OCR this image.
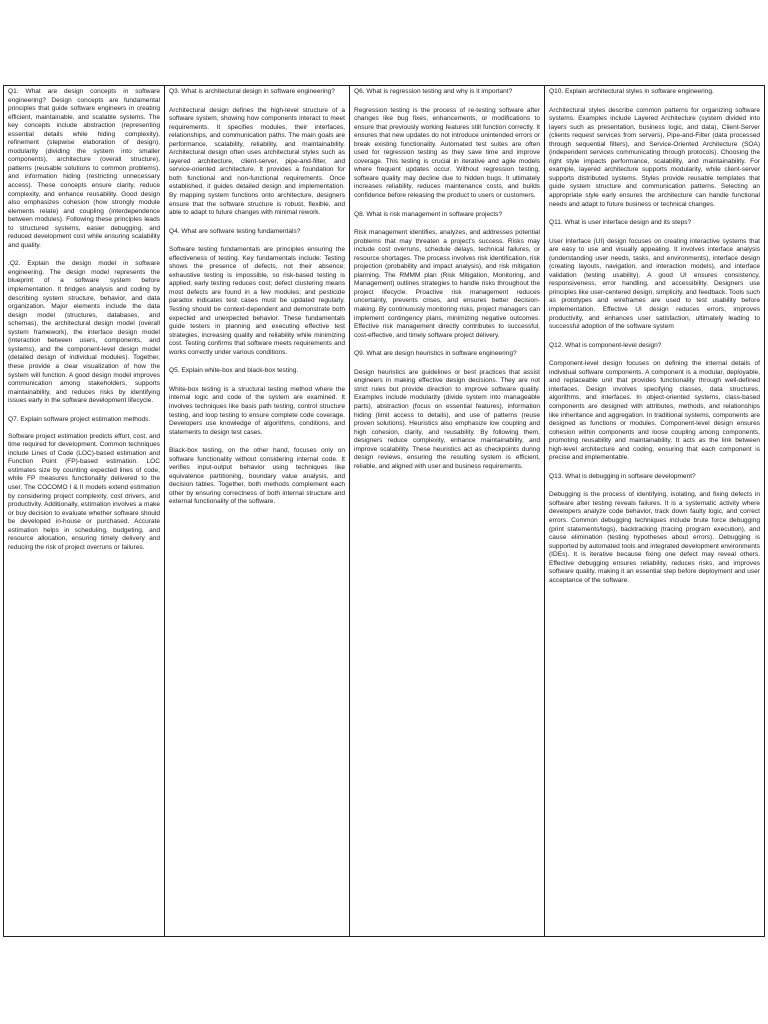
Q1. What are design concepts in software engineering? Design concepts are fundamental principles that guide software engineers in creating efficient, maintainable, and scalable systems. The key concepts include abstraction (representing essential details while hiding complexity), refinement (stepwise elaboration of design), modularity (dividing the system into smaller components), architecture (overall structure), patterns (reusable solutions to common problems), and information hiding (restricting unnecessary access). These concepts ensure clarity, reduce complexity, and enhance reusability. Good design also emphasizes cohesion (how strongly module elements relate) and coupling (interdependence between modules). Following these principles leads to structured systems, easier debugging, and reduced development cost while ensuring scalability and quality.

.Q2. Explain the design model in software engineering. The design model represents the blueprint of a software system before implementation. It bridges analysis and coding by describing system structure, behavior, and data organization. Major elements include the data design model (structures, databases, and schemas), the architectural design model (overall system framework), the interface design model (interaction between users, components, and systems), and the component-level design model (detailed design of individual modules). Together, these provide a clear visualization of how the system will function. A good design model improves communication among stakeholders, supports maintainability, and reduces risks by identifying issues early in the software development lifecycle.

Q7. Explain software project estimation methods.

Software project estimation predicts effort, cost, and time required for development. Common techniques include Lines of Code (LOC)-based estimation and Function Point (FP)-based estimation. LOC estimates size by counting expected lines of code, while FP measures functionality delivered to the user. The COCOMO I & II models extend estimation by considering project complexity, cost drivers, and productivity. Additionally, estimation involves a make or buy decision to evaluate whether software should be developed in-house or purchased. Accurate estimation helps in scheduling, budgeting, and resource allocation, ensuring timely delivery and reducing the risk of project overruns or failures.

Q3. What is architectural design in software engineering?

Architectural design defines the high-level structure of a software system, showing how components interact to meet requirements. It specifies modules, their interfaces, relationships, and communication paths. The main goals are performance, scalability, reliability, and maintainability. Architectural design often uses architectural styles such as layered architecture, client-server, pipe-and-filter, and service-oriented architecture. It provides a foundation for both functional and non-functional requirements. Once established, it guides detailed design and implementation. By mapping system functions onto architecture, designers ensure that the software structure is robust, flexible, and able to adapt to future changes with minimal rework.

Q4. What are software testing fundamentals?

Software testing fundamentals are principles ensuring the effectiveness of testing. Key fundamentals include: Testing shows the presence of defects, not their absence; exhaustive testing is impossible, so risk-based testing is applied; early testing reduces cost; defect clustering means most defects are found in a few modules; and pesticide paradox indicates test cases must be updated regularly. Testing should be context-dependent and demonstrate both expected and unexpected behavior. These fundamentals guide testers in planning and executing effective test strategies, increasing quality and reliability while minimizing cost. Testing confirms that software meets requirements and works correctly under various conditions.

Q5. Explain white-box and black-box testing.

White-box testing is a structural testing method where the internal logic and code of the system are examined. It involves techniques like basis path testing, control structure testing, and loop testing to ensure complete code coverage. Developers use knowledge of algorithms, conditions, and statements to design test cases.

Black-box testing, on the other hand, focuses only on software functionality without considering internal code. It verifies input-output behavior using techniques like equivalence partitioning, boundary value analysis, and decision tables. Together, both methods complement each other by ensuring correctness of both internal structure and external functionality of the software.

Q6. What is regression testing and why is it important?

Regression testing is the process of re-testing software after changes like bug fixes, enhancements, or modifications to ensure that previously working features still function correctly. It ensures that new updates do not introduce unintended errors or break existing functionality. Automated test suites are often used for regression testing as they save time and improve coverage. This testing is crucial in iterative and agile models where frequent updates occur. Without regression testing, software quality may decline due to hidden bugs. It ultimately increases reliability, reduces maintenance costs, and builds confidence before releasing the product to users or customers.

Q8. What is risk management in software projects?

Risk management identifies, analyzes, and addresses potential problems that may threaten a project's success. Risks may include cost overruns, schedule delays, technical failures, or resource shortages. The process involves risk identification, risk projection (probability and impact analysis), and risk mitigation planning. The RMMM plan (Risk Mitigation, Monitoring, and Management) outlines strategies to handle risks throughout the project lifecycle. Proactive risk management reduces uncertainty, prevents crises, and ensures better decision-making. By continuously monitoring risks, project managers can implement contingency plans, minimizing negative outcomes. Effective risk management directly contributes to successful, cost-effective, and timely software project delivery.

Q9. What are design heuristics in software engineering?

Design heuristics are guidelines or best practices that assist engineers in making effective design decisions. They are not strict rules but provide direction to improve software quality. Examples include modularity (divide system into manageable parts), abstraction (focus on essential features), information hiding (limit access to details), and use of patterns (reuse proven solutions). Heuristics also emphasize low coupling and high cohesion, clarity, and reusability. By following them, designers reduce complexity, enhance maintainability, and improve scalability. These heuristics act as checkpoints during design reviews, ensuring the resulting system is efficient, reliable, and aligned with user and business requirements.

Q10. Explain architectural styles in software engineering.

Architectural styles describe common patterns for organizing software systems. Examples include Layered Architecture (system divided into layers such as presentation, business logic, and data), Client-Server (clients request services from servers), Pipe-and-Filter (data processed through sequential filters), and Service-Oriented Architecture (SOA) (independent services communicating through protocols). Choosing the right style impacts performance, scalability, and maintainability. For example, layered architecture supports modularity, while client-server supports distributed systems. Styles provide reusable templates that guide system structure and communication patterns. Selecting an appropriate style early ensures the architecture can handle functional needs and adapt to future business or technical changes.

Q11. What is user interface design and its steps?

User Interface (UI) design focuses on creating interactive systems that are easy to use and visually appealing. It involves interface analysis (understanding user needs, tasks, and environments), interface design (creating layouts, navigation, and interaction models), and interface validation (testing usability). A good UI ensures consistency, responsiveness, error handling, and accessibility. Designers use principles like user-centered design, simplicity, and feedback. Tools such as prototypes and wireframes are used to test usability before implementation. Effective UI design reduces errors, improves productivity, and enhances user satisfaction, ultimately leading to successful adoption of the software system

Q12. What is component-level design?

Component-level design focuses on defining the internal details of individual software components. A component is a modular, deployable, and replaceable unit that provides functionality through well-defined interfaces. Design involves specifying classes, data structures, algorithms, and interfaces. In object-oriented systems, class-based components are designed with attributes, methods, and relationships like inheritance and aggregation. In traditional systems, components are designed as functions or modules. Component-level design ensures cohesion within components and loose coupling among components, promoting reusability and maintainability. It acts as the link between high-level architecture and coding, ensuring that each component is precise and implementable.

Q13. What is debugging in software development?

Debugging is the process of identifying, isolating, and fixing defects in software after testing reveals failures. It is a systematic activity where developers analyze code behavior, track down faulty logic, and correct errors. Common debugging techniques include brute force debugging (print statements/logs), backtracking (tracing program execution), and cause elimination (testing hypotheses about errors). Debugging is supported by automated tools and integrated development environments (IDEs). It is iterative because fixing one defect may reveal others. Effective debugging ensures reliability, reduces risks, and improves software quality, making it an essential step before deployment and user acceptance of the software.
